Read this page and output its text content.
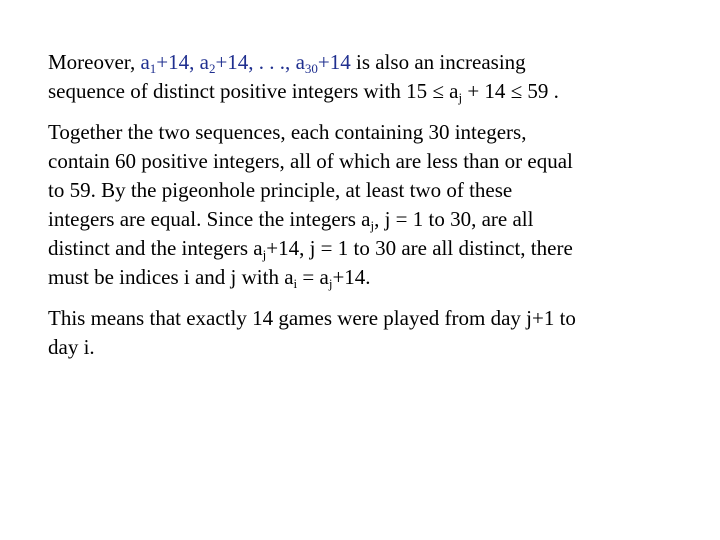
Moreover, $a_1+14$, $a_2+14$, . . ., $a_{30}+14$ is also an increasing
sequence of distinct positive integers with $15 \le a_j + 14 \le 59$ .

Together the two sequences, each containing 30 integers,
contain 60 positive integers, all of which are less than or equal
to 59. By the pigeonhole principle, at least two of these
integers are equal. Since the integers $a_j$, j = 1 to 30, are all
distinct and the integers $a_j+14$, j = 1 to 30 are all distinct, there
must be indices i and j with $a_i = a_j+14$.

This means that exactly 14 games were played from day j+1 to
day i.
